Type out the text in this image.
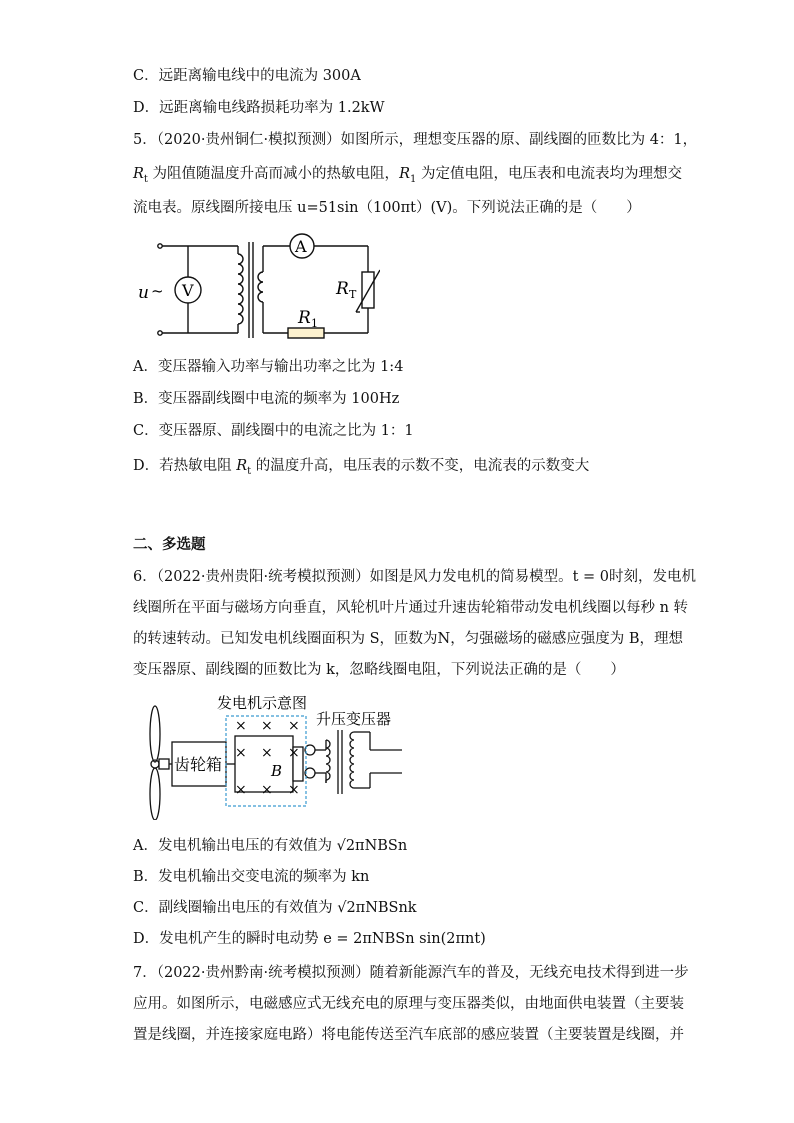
C．远距离输电线中的电流为 300A
D．远距离输电线路损耗功率为 1.2kW
5．（2020·贵州铜仁·模拟预测）如图所示，理想变压器的原、副线圈的匝数比为 4：1，
$R_t$ 为阻值随温度升高而减小的热敏电阻，$R_1$ 为定值电阻，电压表和电流表均为理想交
流电表。原线圈所接电压 u=51sin（100πt）(V)。下列说法正确的是（　　）
u ~ V
A
R T
R 1
A．变压器输入功率与输出功率之比为 1:4
B．变压器副线圈中电流的频率为 100Hz
C．变压器原、副线圈中的电流之比为 1：1
D．若热敏电阻 $R_t$ 的温度升高，电压表的示数不变，电流表的示数变大
二、多选题
6．（2022·贵州贵阳·统考模拟预测）如图是风力发电机的简易模型。t = 0时刻，发电机
线圈所在平面与磁场方向垂直，风轮机叶片通过升速齿轮箱带动发电机线圈以每秒 n 转
的转速转动。已知发电机线圈面积为 S，匝数为N，匀强磁场的磁感应强度为 B，理想
变压器原、副线圈的匝数比为 k，忽略线圈电阻，下列说法正确的是（　　）
发电机示意图
升压变压器
齿轮箱
× × ×
× × ×
× × ×
B
A．发电机输出电压的有效值为 √2πNBSn
B．发电机输出交变电流的频率为 kn
C．副线圈输出电压的有效值为 √2πNBSnk
D．发电机产生的瞬时电动势 e = 2πNBSn sin(2πnt)
7．（2022·贵州黔南·统考模拟预测）随着新能源汽车的普及，无线充电技术得到进一步
应用。如图所示，电磁感应式无线充电的原理与变压器类似，由地面供电装置（主要装
置是线圈，并连接家庭电路）将电能传送至汽车底部的感应装置（主要装置是线圈，并
